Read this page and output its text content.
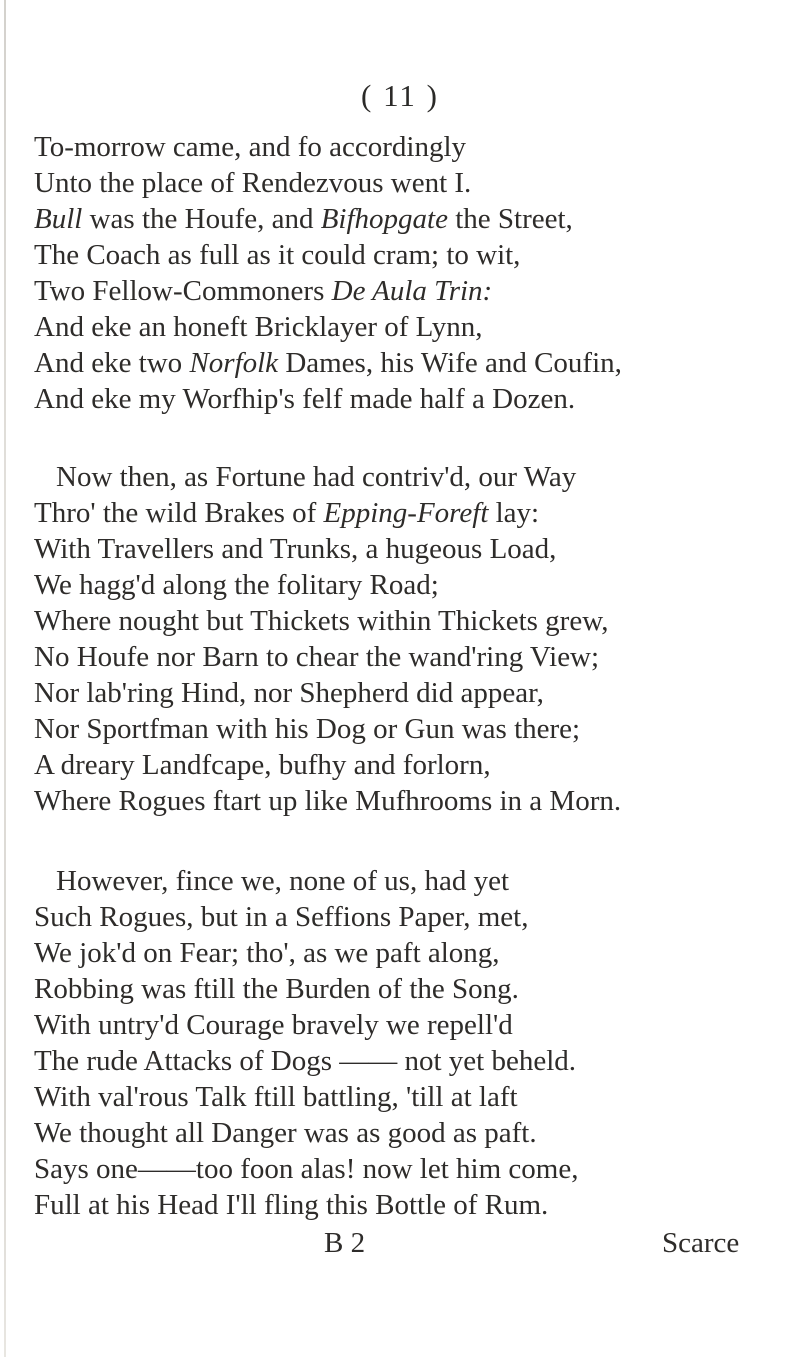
( 11 )
To-morrow came, and fo accordingly
Unto the place of Rendezvous went I.
Bull was the Houfe, and Bifhopgate the Street,
The Coach as full as it could cram; to wit,
Two Fellow-Commoners De Aula Trin:
And eke an honeft Bricklayer of Lynn,
And eke two Norfolk Dames, his Wife and Coufin,
And eke my Worfhip's felf made half a Dozen.
Now then, as Fortune had contriv'd, our Way
Thro' the wild Brakes of Epping-Foreft lay:
With Travellers and Trunks, a hugeous Load,
We hagg'd along the folitary Road;
Where nought but Thickets within Thickets grew,
No Houfe nor Barn to chear the wand'ring View;
Nor lab'ring Hind, nor Shepherd did appear,
Nor Sportfman with his Dog or Gun was there;
A dreary Landfcape, bufhy and forlorn,
Where Rogues ftart up like Mufhrooms in a Morn.
However, fince we, none of us, had yet
Such Rogues, but in a Seffions Paper, met,
We jok'd on Fear; tho', as we paft along,
Robbing was ftill the Burden of the Song.
With untry'd Courage bravely we repell'd
The rude Attacks of Dogs —— not yet beheld.
With val'rous Talk ftill battling, 'till at laft
We thought all Danger was as good as paft.
Says one——too foon alas! now let him come,
Full at his Head I'll fling this Bottle of Rum.
B 2	Scarce
